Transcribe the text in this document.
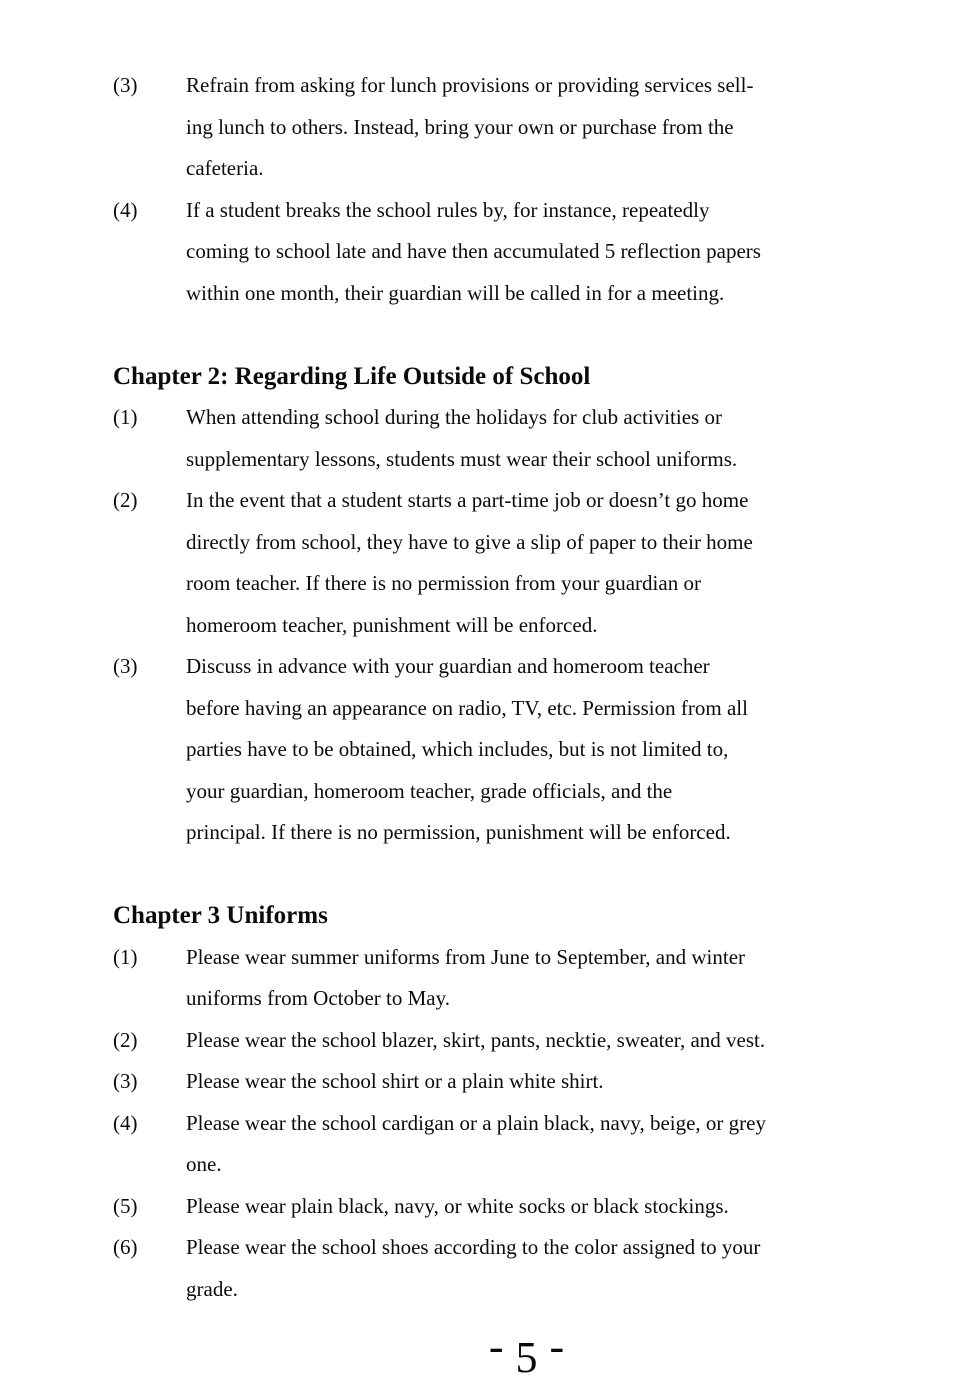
(3)	Refrain from asking for lunch provisions or providing services sell-
ing lunch to others. Instead, bring your own or purchase from the
cafeteria.
(4)	If a student breaks the school rules by, for instance, repeatedly
coming to school late and have then accumulated 5 reflection papers
within one month, their guardian will be called in for a meeting.
Chapter 2: Regarding Life Outside of School
(1)	When attending school during the holidays for club activities or
supplementary lessons, students must wear their school uniforms.
(2)	In the event that a student starts a part-time job or doesn’t go home
directly from school, they have to give a slip of paper to their home
room teacher. If there is no permission from your guardian or
homeroom teacher, punishment will be enforced.
(3)	Discuss in advance with your guardian and homeroom teacher
before having an appearance on radio, TV, etc. Permission from all
parties have to be obtained, which includes, but is not limited to,
your guardian, homeroom teacher, grade officials, and the
principal. If there is no permission, punishment will be enforced.
Chapter 3 Uniforms
(1)	Please wear summer uniforms from June to September, and winter
uniforms from October to May.
(2)	Please wear the school blazer, skirt, pants, necktie, sweater, and vest.
(3)	Please wear the school shirt or a plain white shirt.
(4)	Please wear the school cardigan or a plain black, navy, beige, or grey
one.
(5)	Please wear plain black, navy, or white socks or black stockings.
(6)	Please wear the school shoes according to the color assigned to your
grade.
- 5 -
